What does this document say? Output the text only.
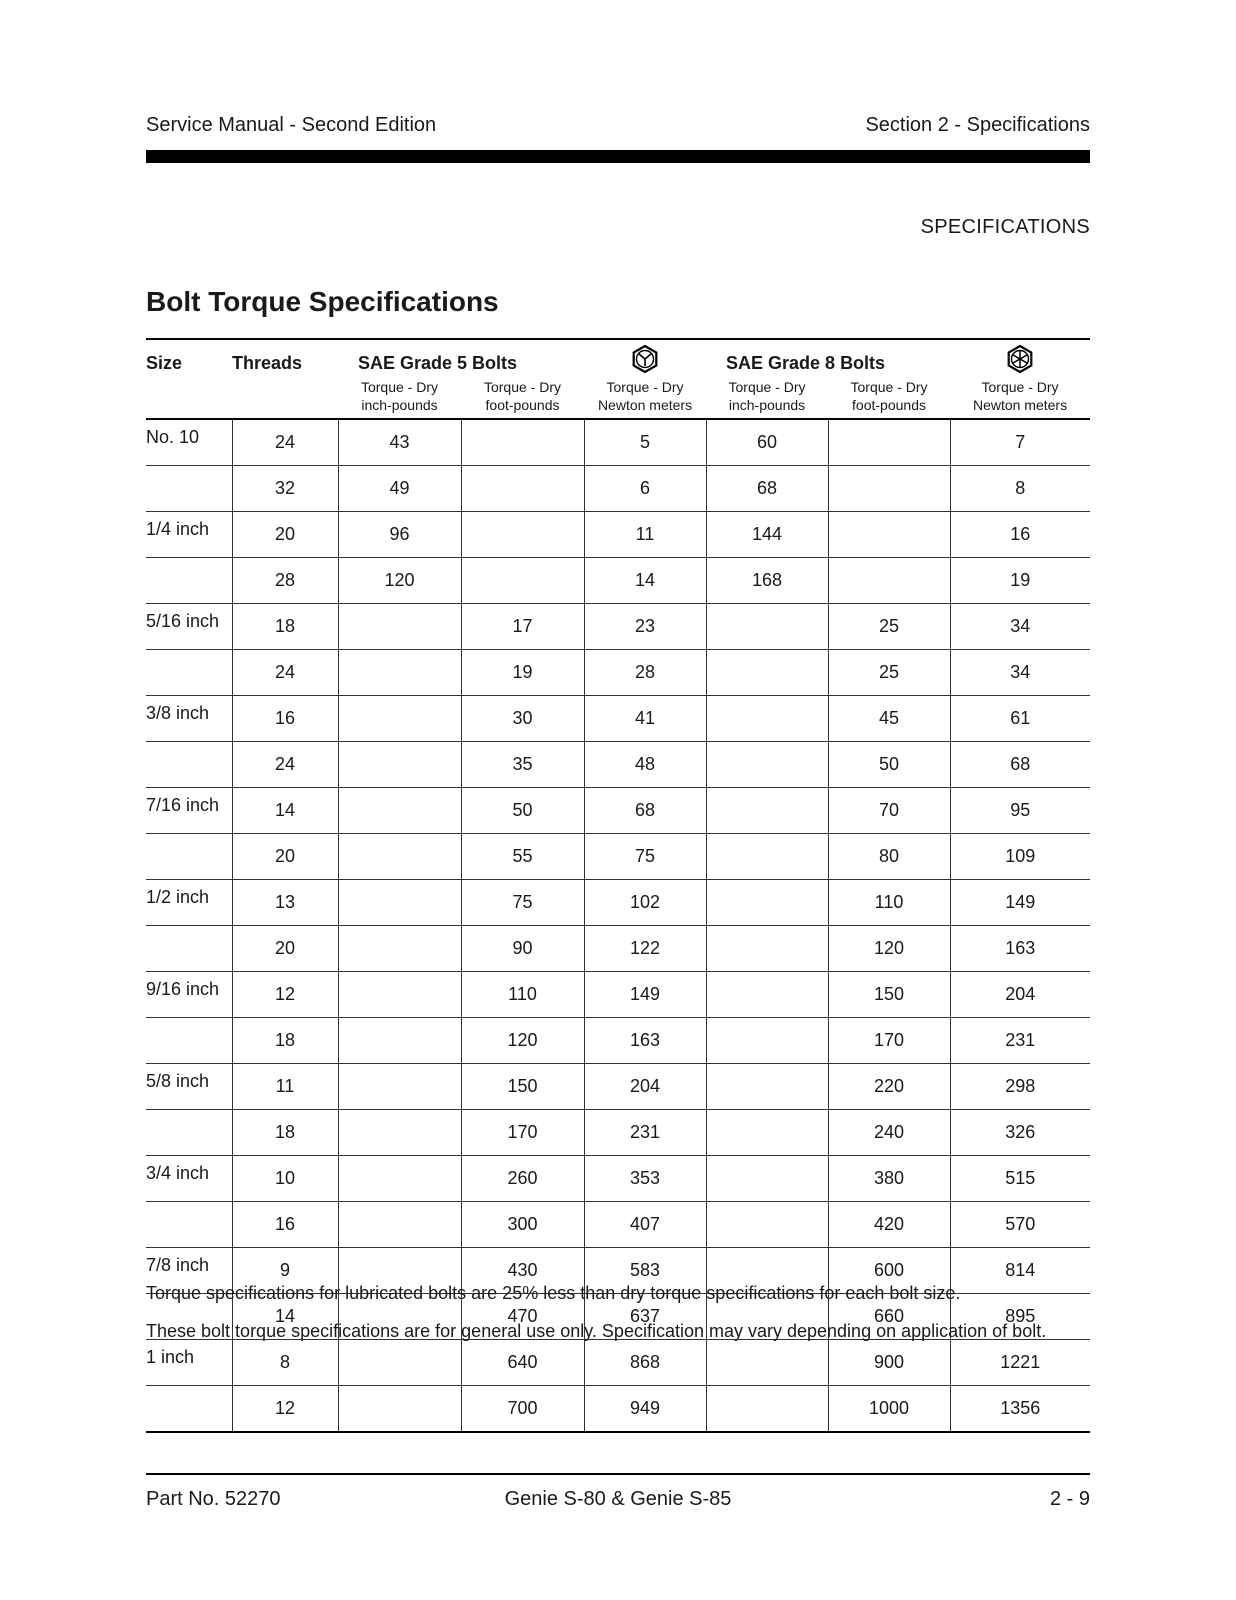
Service Manual - Second Edition	Section 2 - Specifications
SPECIFICATIONS
Bolt Torque Specifications
Size	Threads	SAE Grade 5 Bolts			SAE Grade 8 Bolts	
		Torque - Dry	Torque - Dry	Torque - Dry	Torque - Dry	Torque - Dry	Torque - Dry
		inch-pounds	foot-pounds	Newton meters	inch-pounds	foot-pounds	Newton meters
No. 10	24	43		5	60		7
	32	49		6	68		8
1/4 inch	20	96		11	144		16
	28	120		14	168		19
5/16 inch	18		17	23		25	34
	24		19	28		25	34
3/8 inch	16		30	41		45	61
	24		35	48		50	68
7/16 inch	14		50	68		70	95
	20		55	75		80	109
1/2 inch	13		75	102		110	149
	20		90	122		120	163
9/16 inch	12		110	149		150	204
	18		120	163		170	231
5/8 inch	11		150	204		220	298
	18		170	231		240	326
3/4 inch	10		260	353		380	515
	16		300	407		420	570
7/8 inch	9		430	583		600	814
	14		470	637		660	895
1 inch	8		640	868		900	1221
	12		700	949		1000	1356
Torque specifications for lubricated bolts are 25% less than dry torque specifications for each bolt size.
These bolt torque specifications are for general use only. Specification may vary depending on application of bolt.
Part No. 52270	Genie S-80 & Genie S-85	2 - 9
